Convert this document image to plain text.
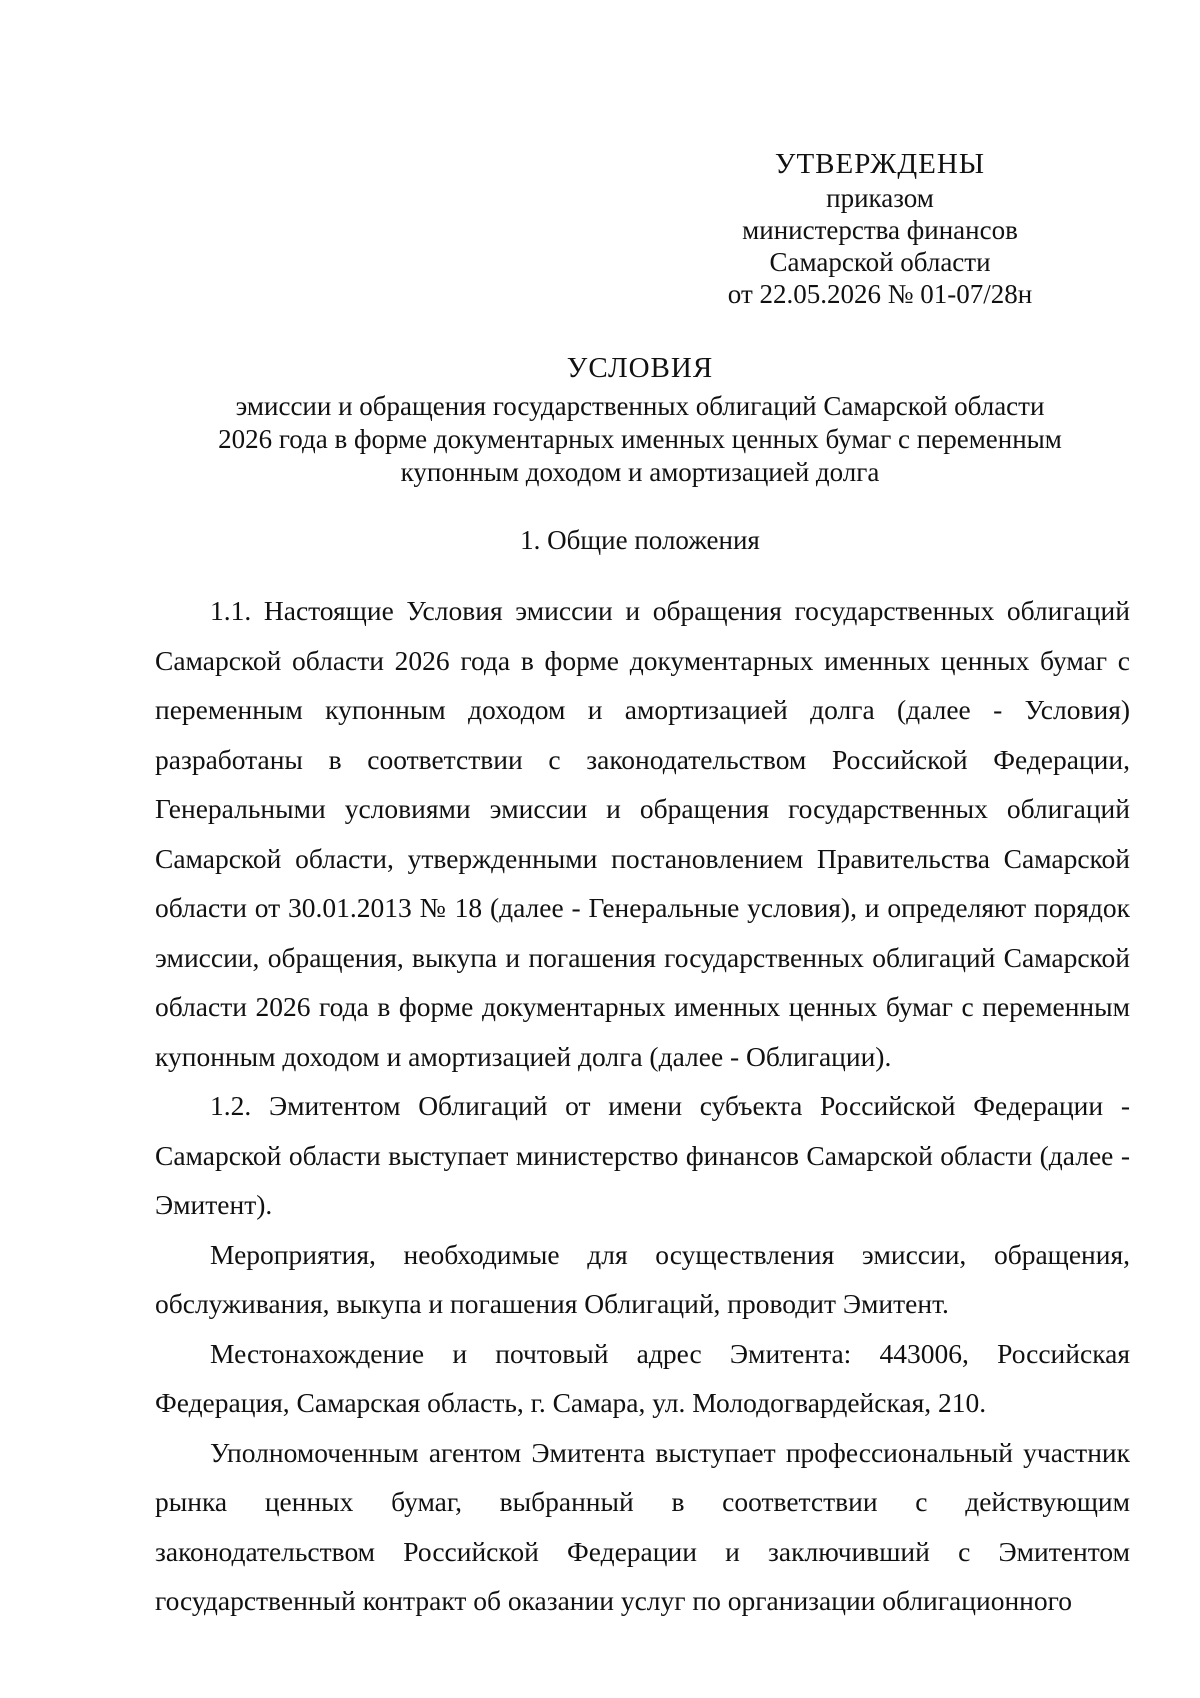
УТВЕРЖДЕНЫ
приказом
министерства финансов
Самарской области
от 22.05.2026 № 01-07/28н
УСЛОВИЯ
эмиссии и обращения государственных облигаций Самарской области
2026 года в форме документарных именных ценных бумаг с переменным
купонным доходом и амортизацией долга
1. Общие положения

1.1. Настоящие Условия эмиссии и обращения государственных облигаций Самарской области 2026 года в форме документарных именных ценных бумаг с переменным купонным доходом и амортизацией долга (далее - Условия) разработаны в соответствии с законодательством Российской Федерации, Генеральными условиями эмиссии и обращения государственных облигаций Самарской области, утвержденными постановлением Правительства Самарской области от 30.01.2013 № 18 (далее - Генеральные условия), и определяют порядок эмиссии, обращения, выкупа и погашения государственных облигаций Самарской области 2026 года в форме документарных именных ценных бумаг с переменным купонным доходом и амортизацией долга (далее - Облигации).

1.2. Эмитентом Облигаций от имени субъекта Российской Федерации - Самарской области выступает министерство финансов Самарской области (далее - Эмитент).

Мероприятия, необходимые для осуществления эмиссии, обращения, обслуживания, выкупа и погашения Облигаций, проводит Эмитент.

Местонахождение и почтовый адрес Эмитента: 443006, Российская Федерация, Самарская область, г. Самара, ул. Молодогвардейская, 210.

Уполномоченным агентом Эмитента выступает профессиональный участник рынка ценных бумаг, выбранный в соответствии с действующим законодательством Российской Федерации и заключивший с Эмитентом государственный контракт об оказании услуг по организации облигационного
